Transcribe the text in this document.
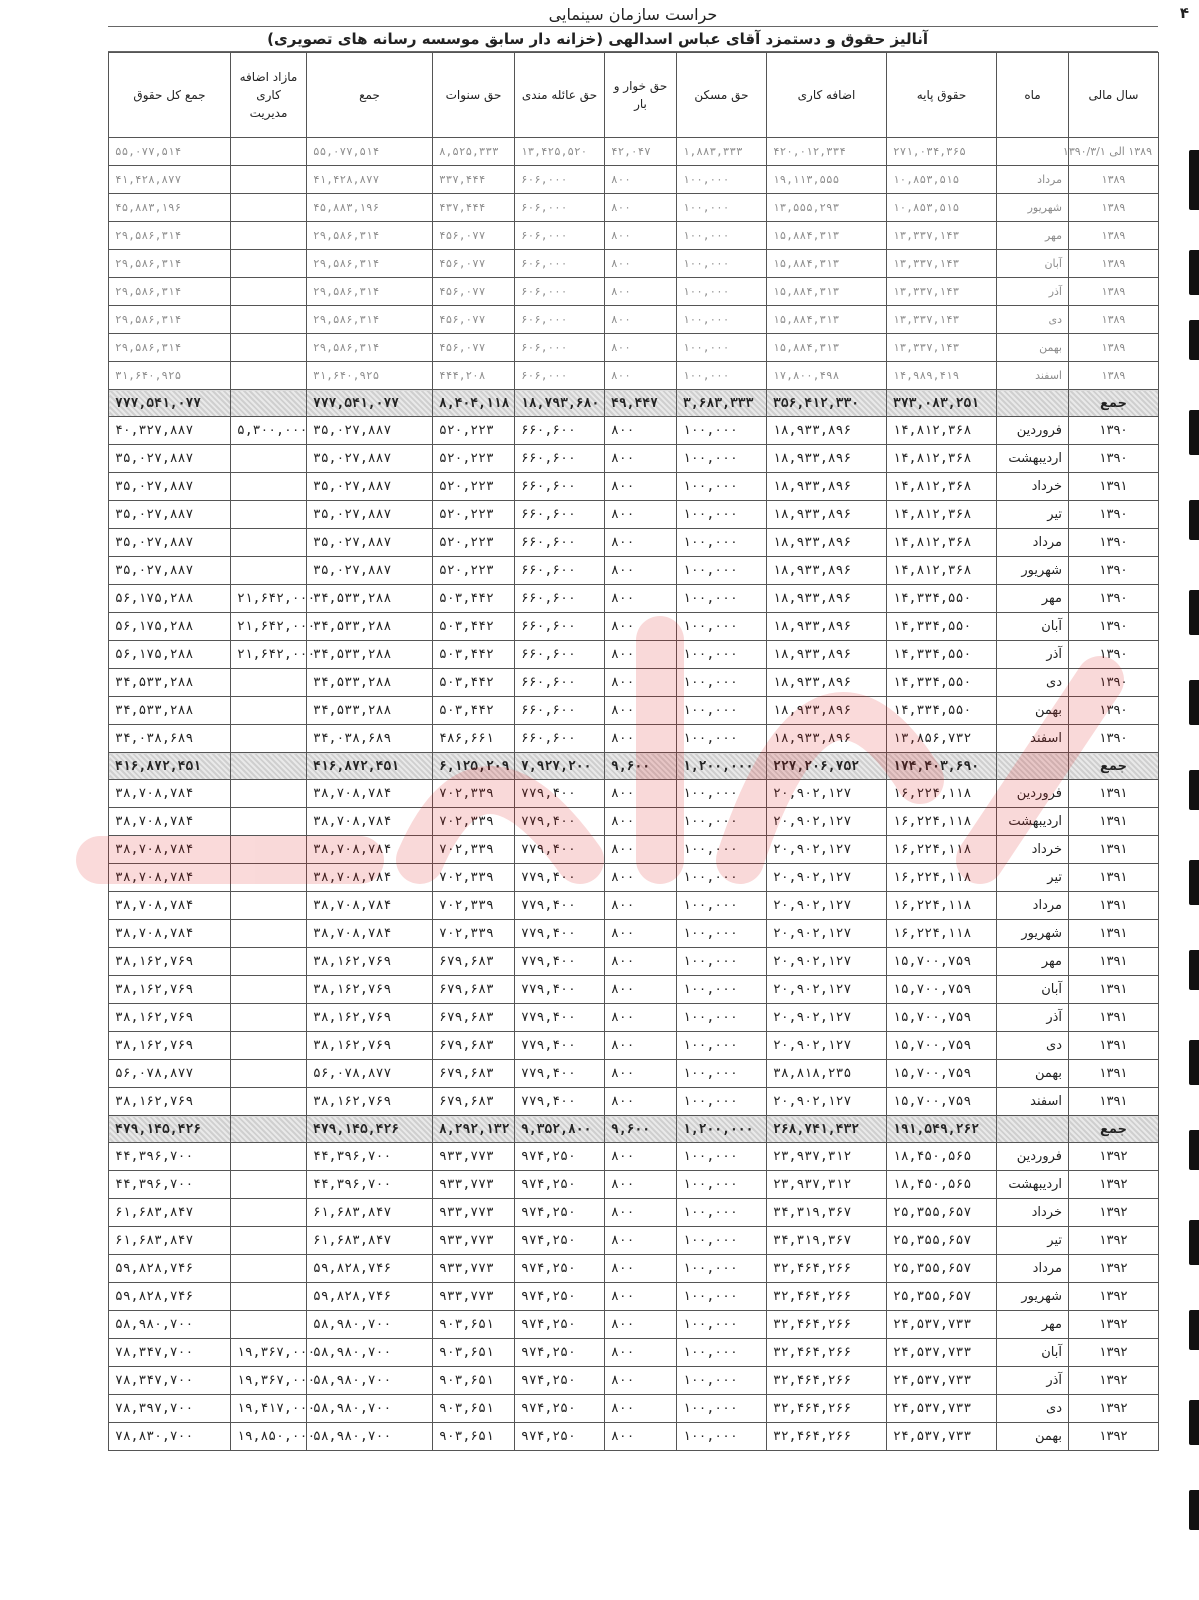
۴
حراست سازمان سینمایی
آنالیز حقوق و دستمزد آقای عباس اسدالهی (خزانه دار سابق موسسه رسانه های تصویری)
سال مالی	ماه	حقوق پایه	اضافه کاری	حق مسکن	حق خوار و بار	حق عائله مندی	حق سنوات	جمع	مازاد اضافه کاری مدیریت	جمع کل حقوق
۱۳۸۹ الی ۱۳۹۰/۳/۱		۲۷۱,۰۳۴,۳۶۵	۴۲۰,۰۱۲,۳۳۴	۱,۸۸۳,۳۳۳	۴۲,۰۴۷	۱۳,۴۲۵,۵۲۰	۸,۵۲۵,۳۳۳	۵۵,۰۷۷,۵۱۴		۵۵,۰۷۷,۵۱۴
۱۳۸۹	مرداد	۱۰,۸۵۳,۵۱۵	۱۹,۱۱۳,۵۵۵	۱۰۰,۰۰۰	۸۰۰	۶۰۶,۰۰۰	۳۳۷,۴۴۴	۴۱,۴۲۸,۸۷۷		۴۱,۴۲۸,۸۷۷
۱۳۸۹	شهریور	۱۰,۸۵۳,۵۱۵	۱۳,۵۵۵,۲۹۳	۱۰۰,۰۰۰	۸۰۰	۶۰۶,۰۰۰	۴۳۷,۴۴۴	۴۵,۸۸۳,۱۹۶		۴۵,۸۸۳,۱۹۶
۱۳۸۹	مهر	۱۳,۳۳۷,۱۴۳	۱۵,۸۸۴,۳۱۳	۱۰۰,۰۰۰	۸۰۰	۶۰۶,۰۰۰	۴۵۶,۰۷۷	۲۹,۵۸۶,۳۱۴		۲۹,۵۸۶,۳۱۴
۱۳۸۹	آبان	۱۳,۳۳۷,۱۴۳	۱۵,۸۸۴,۳۱۳	۱۰۰,۰۰۰	۸۰۰	۶۰۶,۰۰۰	۴۵۶,۰۷۷	۲۹,۵۸۶,۳۱۴		۲۹,۵۸۶,۳۱۴
۱۳۸۹	آذر	۱۳,۳۳۷,۱۴۳	۱۵,۸۸۴,۳۱۳	۱۰۰,۰۰۰	۸۰۰	۶۰۶,۰۰۰	۴۵۶,۰۷۷	۲۹,۵۸۶,۳۱۴		۲۹,۵۸۶,۳۱۴
۱۳۸۹	دی	۱۳,۳۳۷,۱۴۳	۱۵,۸۸۴,۳۱۳	۱۰۰,۰۰۰	۸۰۰	۶۰۶,۰۰۰	۴۵۶,۰۷۷	۲۹,۵۸۶,۳۱۴		۲۹,۵۸۶,۳۱۴
۱۳۸۹	بهمن	۱۳,۳۳۷,۱۴۳	۱۵,۸۸۴,۳۱۳	۱۰۰,۰۰۰	۸۰۰	۶۰۶,۰۰۰	۴۵۶,۰۷۷	۲۹,۵۸۶,۳۱۴		۲۹,۵۸۶,۳۱۴
۱۳۸۹	اسفند	۱۴,۹۸۹,۴۱۹	۱۷,۸۰۰,۴۹۸	۱۰۰,۰۰۰	۸۰۰	۶۰۶,۰۰۰	۴۴۴,۲۰۸	۳۱,۶۴۰,۹۲۵		۳۱,۶۴۰,۹۲۵
جمع		۳۷۳,۰۸۳,۲۵۱	۳۵۶,۴۱۲,۳۳۰	۳,۶۸۳,۳۳۳	۴۹,۴۴۷	۱۸,۷۹۳,۶۸۰	۸,۴۰۴,۱۱۸	۷۷۷,۵۴۱,۰۷۷		۷۷۷,۵۴۱,۰۷۷
۱۳۹۰	فروردین	۱۴,۸۱۲,۳۶۸	۱۸,۹۳۳,۸۹۶	۱۰۰,۰۰۰	۸۰۰	۶۶۰,۶۰۰	۵۲۰,۲۲۳	۳۵,۰۲۷,۸۸۷	۵,۳۰۰,۰۰۰	۴۰,۳۲۷,۸۸۷
۱۳۹۰	اردیبهشت	۱۴,۸۱۲,۳۶۸	۱۸,۹۳۳,۸۹۶	۱۰۰,۰۰۰	۸۰۰	۶۶۰,۶۰۰	۵۲۰,۲۲۳	۳۵,۰۲۷,۸۸۷		۳۵,۰۲۷,۸۸۷
۱۳۹۱	خرداد	۱۴,۸۱۲,۳۶۸	۱۸,۹۳۳,۸۹۶	۱۰۰,۰۰۰	۸۰۰	۶۶۰,۶۰۰	۵۲۰,۲۲۳	۳۵,۰۲۷,۸۸۷		۳۵,۰۲۷,۸۸۷
۱۳۹۰	تیر	۱۴,۸۱۲,۳۶۸	۱۸,۹۳۳,۸۹۶	۱۰۰,۰۰۰	۸۰۰	۶۶۰,۶۰۰	۵۲۰,۲۲۳	۳۵,۰۲۷,۸۸۷		۳۵,۰۲۷,۸۸۷
۱۳۹۰	مرداد	۱۴,۸۱۲,۳۶۸	۱۸,۹۳۳,۸۹۶	۱۰۰,۰۰۰	۸۰۰	۶۶۰,۶۰۰	۵۲۰,۲۲۳	۳۵,۰۲۷,۸۸۷		۳۵,۰۲۷,۸۸۷
۱۳۹۰	شهریور	۱۴,۸۱۲,۳۶۸	۱۸,۹۳۳,۸۹۶	۱۰۰,۰۰۰	۸۰۰	۶۶۰,۶۰۰	۵۲۰,۲۲۳	۳۵,۰۲۷,۸۸۷		۳۵,۰۲۷,۸۸۷
۱۳۹۰	مهر	۱۴,۳۳۴,۵۵۰	۱۸,۹۳۳,۸۹۶	۱۰۰,۰۰۰	۸۰۰	۶۶۰,۶۰۰	۵۰۳,۴۴۲	۳۴,۵۳۳,۲۸۸	۲۱,۶۴۲,۰۰۰	۵۶,۱۷۵,۲۸۸
۱۳۹۰	آبان	۱۴,۳۳۴,۵۵۰	۱۸,۹۳۳,۸۹۶	۱۰۰,۰۰۰	۸۰۰	۶۶۰,۶۰۰	۵۰۳,۴۴۲	۳۴,۵۳۳,۲۸۸	۲۱,۶۴۲,۰۰۰	۵۶,۱۷۵,۲۸۸
۱۳۹۰	آذر	۱۴,۳۳۴,۵۵۰	۱۸,۹۳۳,۸۹۶	۱۰۰,۰۰۰	۸۰۰	۶۶۰,۶۰۰	۵۰۳,۴۴۲	۳۴,۵۳۳,۲۸۸	۲۱,۶۴۲,۰۰۰	۵۶,۱۷۵,۲۸۸
۱۳۹۰	دی	۱۴,۳۳۴,۵۵۰	۱۸,۹۳۳,۸۹۶	۱۰۰,۰۰۰	۸۰۰	۶۶۰,۶۰۰	۵۰۳,۴۴۲	۳۴,۵۳۳,۲۸۸		۳۴,۵۳۳,۲۸۸
۱۳۹۰	بهمن	۱۴,۳۳۴,۵۵۰	۱۸,۹۳۳,۸۹۶	۱۰۰,۰۰۰	۸۰۰	۶۶۰,۶۰۰	۵۰۳,۴۴۲	۳۴,۵۳۳,۲۸۸		۳۴,۵۳۳,۲۸۸
۱۳۹۰	اسفند	۱۳,۸۵۶,۷۳۲	۱۸,۹۳۳,۸۹۶	۱۰۰,۰۰۰	۸۰۰	۶۶۰,۶۰۰	۴۸۶,۶۶۱	۳۴,۰۳۸,۶۸۹		۳۴,۰۳۸,۶۸۹
جمع		۱۷۴,۴۰۳,۶۹۰	۲۲۷,۲۰۶,۷۵۲	۱,۲۰۰,۰۰۰	۹,۶۰۰	۷,۹۲۷,۲۰۰	۶,۱۲۵,۲۰۹	۴۱۶,۸۷۲,۴۵۱		۴۱۶,۸۷۲,۴۵۱
۱۳۹۱	فروردین	۱۶,۲۲۴,۱۱۸	۲۰,۹۰۲,۱۲۷	۱۰۰,۰۰۰	۸۰۰	۷۷۹,۴۰۰	۷۰۲,۳۳۹	۳۸,۷۰۸,۷۸۴		۳۸,۷۰۸,۷۸۴
۱۳۹۱	اردیبهشت	۱۶,۲۲۴,۱۱۸	۲۰,۹۰۲,۱۲۷	۱۰۰,۰۰۰	۸۰۰	۷۷۹,۴۰۰	۷۰۲,۳۳۹	۳۸,۷۰۸,۷۸۴		۳۸,۷۰۸,۷۸۴
۱۳۹۱	خرداد	۱۶,۲۲۴,۱۱۸	۲۰,۹۰۲,۱۲۷	۱۰۰,۰۰۰	۸۰۰	۷۷۹,۴۰۰	۷۰۲,۳۳۹	۳۸,۷۰۸,۷۸۴		۳۸,۷۰۸,۷۸۴
۱۳۹۱	تیر	۱۶,۲۲۴,۱۱۸	۲۰,۹۰۲,۱۲۷	۱۰۰,۰۰۰	۸۰۰	۷۷۹,۴۰۰	۷۰۲,۳۳۹	۳۸,۷۰۸,۷۸۴		۳۸,۷۰۸,۷۸۴
۱۳۹۱	مرداد	۱۶,۲۲۴,۱۱۸	۲۰,۹۰۲,۱۲۷	۱۰۰,۰۰۰	۸۰۰	۷۷۹,۴۰۰	۷۰۲,۳۳۹	۳۸,۷۰۸,۷۸۴		۳۸,۷۰۸,۷۸۴
۱۳۹۱	شهریور	۱۶,۲۲۴,۱۱۸	۲۰,۹۰۲,۱۲۷	۱۰۰,۰۰۰	۸۰۰	۷۷۹,۴۰۰	۷۰۲,۳۳۹	۳۸,۷۰۸,۷۸۴		۳۸,۷۰۸,۷۸۴
۱۳۹۱	مهر	۱۵,۷۰۰,۷۵۹	۲۰,۹۰۲,۱۲۷	۱۰۰,۰۰۰	۸۰۰	۷۷۹,۴۰۰	۶۷۹,۶۸۳	۳۸,۱۶۲,۷۶۹		۳۸,۱۶۲,۷۶۹
۱۳۹۱	آبان	۱۵,۷۰۰,۷۵۹	۲۰,۹۰۲,۱۲۷	۱۰۰,۰۰۰	۸۰۰	۷۷۹,۴۰۰	۶۷۹,۶۸۳	۳۸,۱۶۲,۷۶۹		۳۸,۱۶۲,۷۶۹
۱۳۹۱	آذر	۱۵,۷۰۰,۷۵۹	۲۰,۹۰۲,۱۲۷	۱۰۰,۰۰۰	۸۰۰	۷۷۹,۴۰۰	۶۷۹,۶۸۳	۳۸,۱۶۲,۷۶۹		۳۸,۱۶۲,۷۶۹
۱۳۹۱	دی	۱۵,۷۰۰,۷۵۹	۲۰,۹۰۲,۱۲۷	۱۰۰,۰۰۰	۸۰۰	۷۷۹,۴۰۰	۶۷۹,۶۸۳	۳۸,۱۶۲,۷۶۹		۳۸,۱۶۲,۷۶۹
۱۳۹۱	بهمن	۱۵,۷۰۰,۷۵۹	۳۸,۸۱۸,۲۳۵	۱۰۰,۰۰۰	۸۰۰	۷۷۹,۴۰۰	۶۷۹,۶۸۳	۵۶,۰۷۸,۸۷۷		۵۶,۰۷۸,۸۷۷
۱۳۹۱	اسفند	۱۵,۷۰۰,۷۵۹	۲۰,۹۰۲,۱۲۷	۱۰۰,۰۰۰	۸۰۰	۷۷۹,۴۰۰	۶۷۹,۶۸۳	۳۸,۱۶۲,۷۶۹		۳۸,۱۶۲,۷۶۹
جمع		۱۹۱,۵۴۹,۲۶۲	۲۶۸,۷۴۱,۴۳۲	۱,۲۰۰,۰۰۰	۹,۶۰۰	۹,۳۵۲,۸۰۰	۸,۲۹۲,۱۳۲	۴۷۹,۱۴۵,۴۲۶		۴۷۹,۱۴۵,۴۲۶
۱۳۹۲	فروردین	۱۸,۴۵۰,۵۶۵	۲۳,۹۳۷,۳۱۲	۱۰۰,۰۰۰	۸۰۰	۹۷۴,۲۵۰	۹۳۳,۷۷۳	۴۴,۳۹۶,۷۰۰		۴۴,۳۹۶,۷۰۰
۱۳۹۲	اردیبهشت	۱۸,۴۵۰,۵۶۵	۲۳,۹۳۷,۳۱۲	۱۰۰,۰۰۰	۸۰۰	۹۷۴,۲۵۰	۹۳۳,۷۷۳	۴۴,۳۹۶,۷۰۰		۴۴,۳۹۶,۷۰۰
۱۳۹۲	خرداد	۲۵,۳۵۵,۶۵۷	۳۴,۳۱۹,۳۶۷	۱۰۰,۰۰۰	۸۰۰	۹۷۴,۲۵۰	۹۳۳,۷۷۳	۶۱,۶۸۳,۸۴۷		۶۱,۶۸۳,۸۴۷
۱۳۹۲	تیر	۲۵,۳۵۵,۶۵۷	۳۴,۳۱۹,۳۶۷	۱۰۰,۰۰۰	۸۰۰	۹۷۴,۲۵۰	۹۳۳,۷۷۳	۶۱,۶۸۳,۸۴۷		۶۱,۶۸۳,۸۴۷
۱۳۹۲	مرداد	۲۵,۳۵۵,۶۵۷	۳۲,۴۶۴,۲۶۶	۱۰۰,۰۰۰	۸۰۰	۹۷۴,۲۵۰	۹۳۳,۷۷۳	۵۹,۸۲۸,۷۴۶		۵۹,۸۲۸,۷۴۶
۱۳۹۲	شهریور	۲۵,۳۵۵,۶۵۷	۳۲,۴۶۴,۲۶۶	۱۰۰,۰۰۰	۸۰۰	۹۷۴,۲۵۰	۹۳۳,۷۷۳	۵۹,۸۲۸,۷۴۶		۵۹,۸۲۸,۷۴۶
۱۳۹۲	مهر	۲۴,۵۳۷,۷۳۳	۳۲,۴۶۴,۲۶۶	۱۰۰,۰۰۰	۸۰۰	۹۷۴,۲۵۰	۹۰۳,۶۵۱	۵۸,۹۸۰,۷۰۰		۵۸,۹۸۰,۷۰۰
۱۳۹۲	آبان	۲۴,۵۳۷,۷۳۳	۳۲,۴۶۴,۲۶۶	۱۰۰,۰۰۰	۸۰۰	۹۷۴,۲۵۰	۹۰۳,۶۵۱	۵۸,۹۸۰,۷۰۰	۱۹,۳۶۷,۰۰۰	۷۸,۳۴۷,۷۰۰
۱۳۹۲	آذر	۲۴,۵۳۷,۷۳۳	۳۲,۴۶۴,۲۶۶	۱۰۰,۰۰۰	۸۰۰	۹۷۴,۲۵۰	۹۰۳,۶۵۱	۵۸,۹۸۰,۷۰۰	۱۹,۳۶۷,۰۰۰	۷۸,۳۴۷,۷۰۰
۱۳۹۲	دی	۲۴,۵۳۷,۷۳۳	۳۲,۴۶۴,۲۶۶	۱۰۰,۰۰۰	۸۰۰	۹۷۴,۲۵۰	۹۰۳,۶۵۱	۵۸,۹۸۰,۷۰۰	۱۹,۴۱۷,۰۰۰	۷۸,۳۹۷,۷۰۰
۱۳۹۲	بهمن	۲۴,۵۳۷,۷۳۳	۳۲,۴۶۴,۲۶۶	۱۰۰,۰۰۰	۸۰۰	۹۷۴,۲۵۰	۹۰۳,۶۵۱	۵۸,۹۸۰,۷۰۰	۱۹,۸۵۰,۰۰۰	۷۸,۸۳۰,۷۰۰
